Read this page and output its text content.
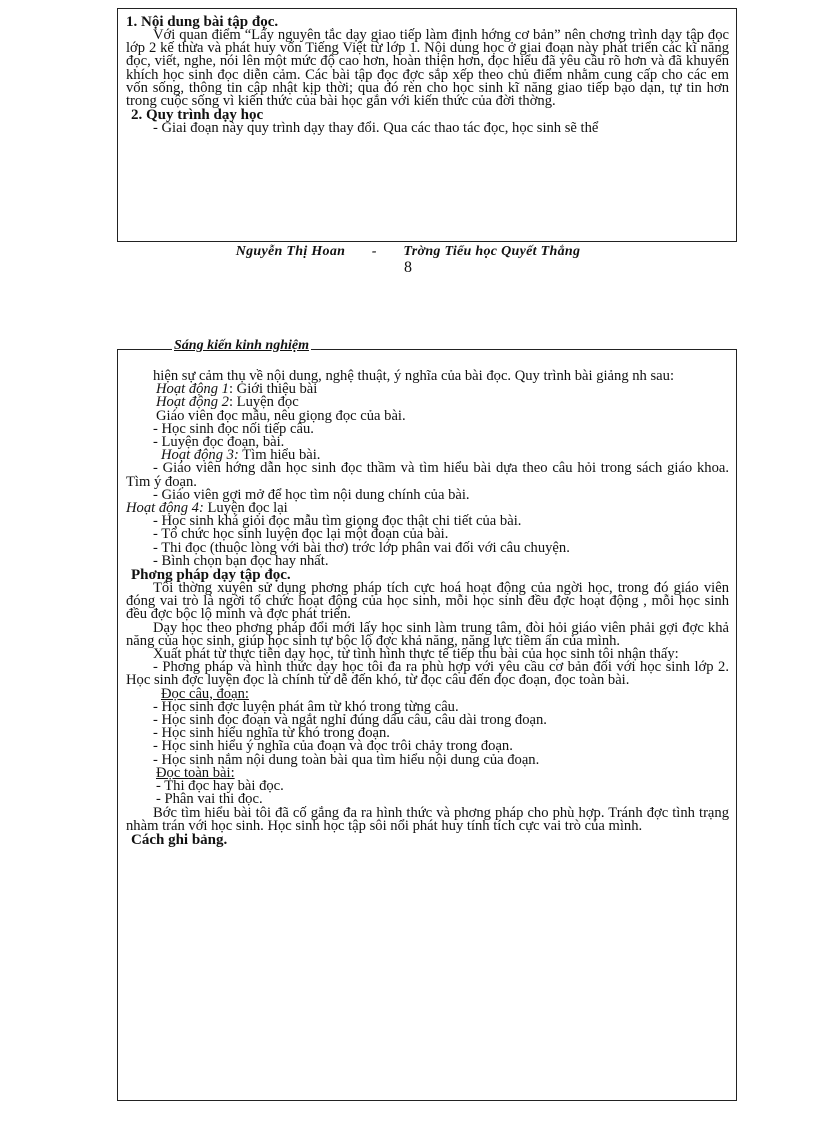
1. Nội dung bài tập đọc.

Với quan điểm “Lấy nguyên tắc dạy giao tiếp làm định hớng cơ bản” nên chơng trình dạy tập đọc lớp 2 kế thừa và phát huy vốn Tiếng Việt từ lớp 1. Nội dung học ở giai đoạn này phát triển các kĩ năng đọc, viết, nghe, nói lên một mức độ cao hơn, hoàn thiện hơn, đọc hiểu đã yêu cầu rõ hơn và đã khuyến khích học sinh đọc diễn cảm. Các bài tập đọc đợc sắp xếp theo chủ điểm nhằm cung cấp cho các em vốn sống, thông tin cập nhật kịp thời; qua đó rèn cho học sinh kĩ năng giao tiếp bạo dạn, tự tin hơn trong cuộc sống vì kiến thức của bài học gắn với kiến thức của đời thờng.

2. Quy trình dạy học

- Giai đoạn này quy trình dạy thay đổi. Qua các thao tác đọc, học sinh sẽ thể

Nguyễn Thị Hoan - Trờng Tiểu học Quyết Thắng
8

hiện sự cảm thụ về nội dung, nghệ thuật, ý nghĩa của bài đọc. Quy trình bài giảng nh sau:

Hoạt động 1: Giới thiệu bài

Hoạt động 2: Luyện đọc

Giáo viên đọc mẫu, nêu giọng đọc của bài.

- Học sinh đọc nối tiếp câu.

- Luyện đọc đoạn, bài.

Hoạt động 3: Tìm hiểu bài.

- Giáo viên hớng dẫn học sinh đọc thầm và tìm hiểu bài dựa theo câu hỏi trong sách giáo khoa. Tìm ý đoạn.

- Giáo viên gợi mở để học tìm nội dung chính của bài.

Hoạt động 4: Luyện đọc lại

- Học sinh khá giỏi đọc mẫu tìm giọng đọc thật chi tiết của bài.

- Tổ chức học sinh luyện đọc lại một đoạn của bài.

- Thi đọc (thuộc lòng với bài thơ) trớc lớp phân vai đối với câu chuyện.

- Bình chọn bạn đọc hay nhất.

Phơng pháp dạy tập đọc.

Tôi thờng xuyên sử dụng phơng pháp tích cực hoá hoạt động của ngời học, trong đó giáo viên đóng vai trò là ngời tổ chức hoạt động của học sinh, mỗi học sinh đều đợc hoạt động , mỗi học sinh đều đợc bộc lộ mình và đợc phát triển.

Dạy học theo phơng pháp đổi mới lấy học sinh làm trung tâm, đòi hỏi giáo viên phải gợi đợc khả năng của học sinh, giúp học sinh tự bộc lộ đợc khả năng, năng lực tiềm ẩn của mình.

Xuất phát từ thực tiễn dạy học, từ tình hình thực tế tiếp thu bài của học sinh tôi nhận thấy:

- Phơng pháp và hình thức dạy học tôi đa ra phù hợp với yêu cầu cơ bản đối với học sinh lớp 2. Học sinh đợc luyện đọc là chính từ dễ đến khó, từ đọc câu đến đọc đoạn, đọc toàn bài.

Đọc câu, đoạn:

- Học sinh đợc luyện phát âm từ khó trong từng câu.

- Học sinh đọc đoạn và ngắt nghỉ đúng dấu câu, câu dài trong đoạn.

- Học sinh hiểu nghĩa từ khó trong đoạn.

- Học sinh hiểu ý nghĩa của đoạn và đọc trôi chảy trong đoạn.

- Học sinh nắm nội dung toàn bài qua tìm hiểu nội dung của đoạn.

Đọc toàn bài:

- Thi đọc hay bài đọc.

- Phân vai thi đọc.

Bớc tìm hiểu bài tôi đã cố gắng đa ra hình thức và phơng pháp cho phù hợp. Tránh đợc tình trạng nhàm trán với học sinh. Học sinh học tập sôi nổi phát huy tính tích cực vai trò của mình.

Cách ghi bảng.

Sáng kiến kinh nghiệm
